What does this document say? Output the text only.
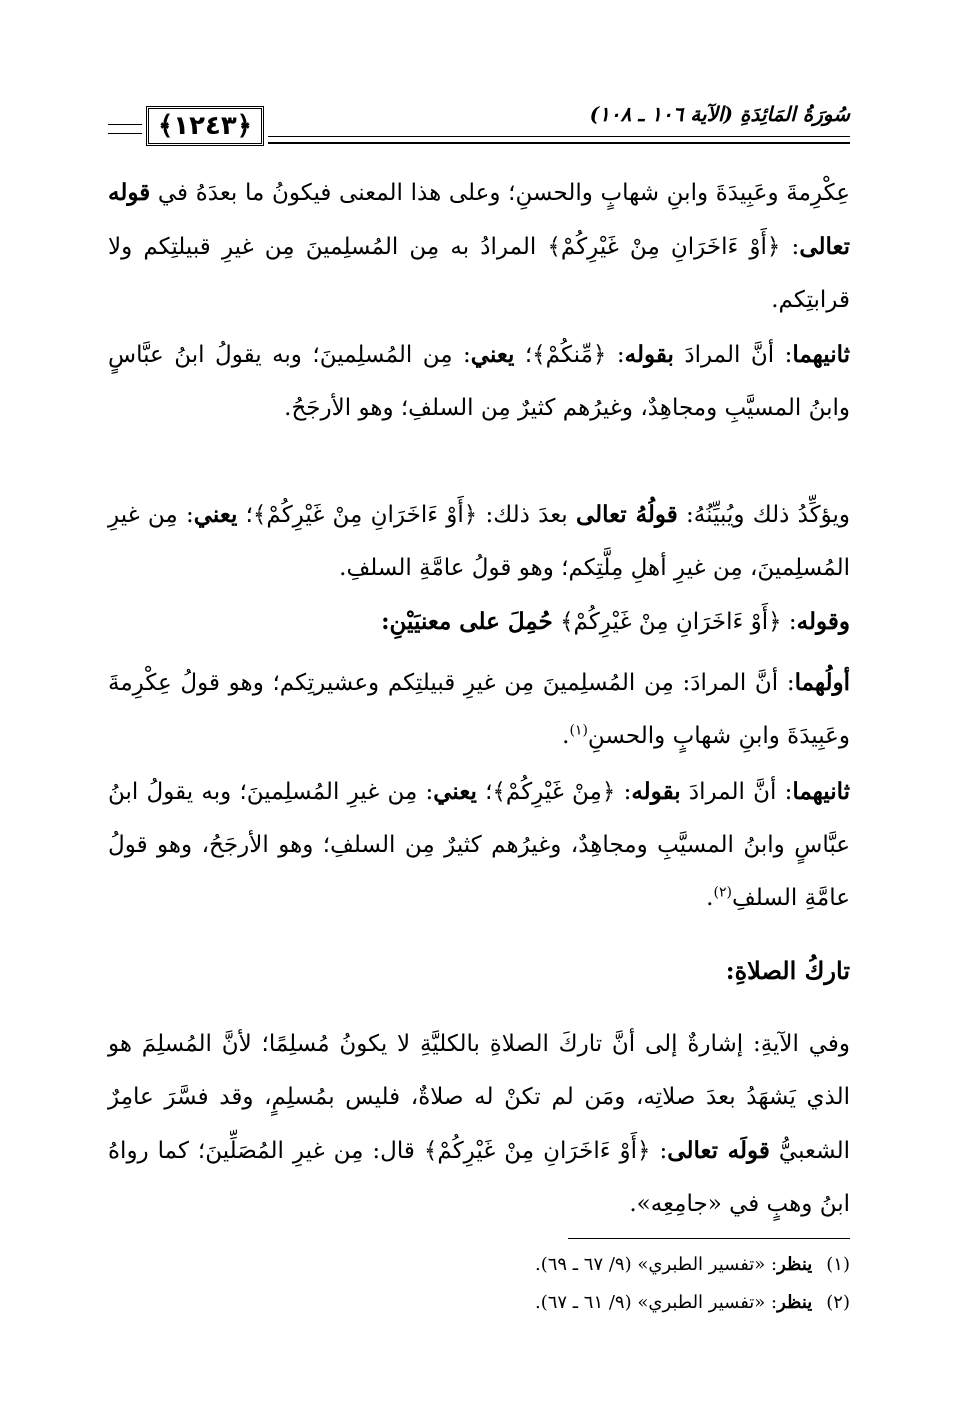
﴿١٢٤٣﴾	سُورَةُ المَائِدَةِ (الآية ١٠٦ ـ ١٠٨)
عِكْرِمةَ وعَبِيدَةَ وابنِ شهابٍ والحسنِ؛ وعلى هذا المعنى فيكونُ ما بعدَهُ في قوله تعالى: ﴿أَوْ ءَاخَرَانِ مِنْ غَيْرِكُمْ﴾ المرادُ به مِن المُسلِمينَ مِن غيرِ قبيلتِكم ولا قرابتِكم.
ثانيهما: أنَّ المرادَ بقوله: ﴿مِّنكُمْ﴾؛ يعني: مِن المُسلِمينَ؛ وبه يقولُ ابنُ عبَّاسٍ وابنُ المسيَّبِ ومجاهِدٌ، وغيرُهم كثيرٌ مِن السلفِ؛ وهو الأرجَحُ.
ويؤكِّدُ ذلك ويُبيِّنُهُ: قولُهُ تعالى بعدَ ذلك: ﴿أَوْ ءَاخَرَانِ مِنْ غَيْرِكُمْ﴾؛ يعني: مِن غيرِ المُسلِمينَ، مِن غيرِ أهلِ مِلَّتِكم؛ وهو قولُ عامَّةِ السلفِ.
وقوله: ﴿أَوْ ءَاخَرَانِ مِنْ غَيْرِكُمْ﴾ حُمِلَ على معنيَيْنِ:
أولُهما: أنَّ المرادَ: مِن المُسلِمينَ مِن غيرِ قبيلتِكم وعشيرتِكم؛ وهو قولُ عِكْرِمةَ وعَبِيدَةَ وابنِ شهابٍ والحسنِ$^{(١)}$.
ثانيهما: أنَّ المرادَ بقوله: ﴿مِنْ غَيْرِكُمْ﴾؛ يعني: مِن غيرِ المُسلِمينَ؛ وبه يقولُ ابنُ عبَّاسٍ وابنُ المسيَّبِ ومجاهِدٌ، وغيرُهم كثيرٌ مِن السلفِ؛ وهو الأرجَحُ، وهو قولُ عامَّةِ السلفِ$^{(٢)}$.
تاركُ الصلاةِ:
وفي الآيةِ: إشارةٌ إلى أنَّ تاركَ الصلاةِ بالكليَّةِ لا يكونُ مُسلِمًا؛ لأنَّ المُسلِمَ هو الذي يَشهَدُ بعدَ صلاتِه، ومَن لم تكنْ له صلاةٌ، فليس بمُسلِمٍ، وقد فسَّرَ عامِرٌ الشعبيُّ قولَه تعالى: ﴿أَوْ ءَاخَرَانِ مِنْ غَيْرِكُمْ﴾ قال: مِن غيرِ المُصَلِّينَ؛ كما رواهُ ابنُ وهبٍ في «جامِعِه».
(١)ينظر: «تفسير الطبري» (٩/ ٦٧ ـ ٦٩).
(٢)ينظر: «تفسير الطبري» (٩/ ٦١ ـ ٦٧).
